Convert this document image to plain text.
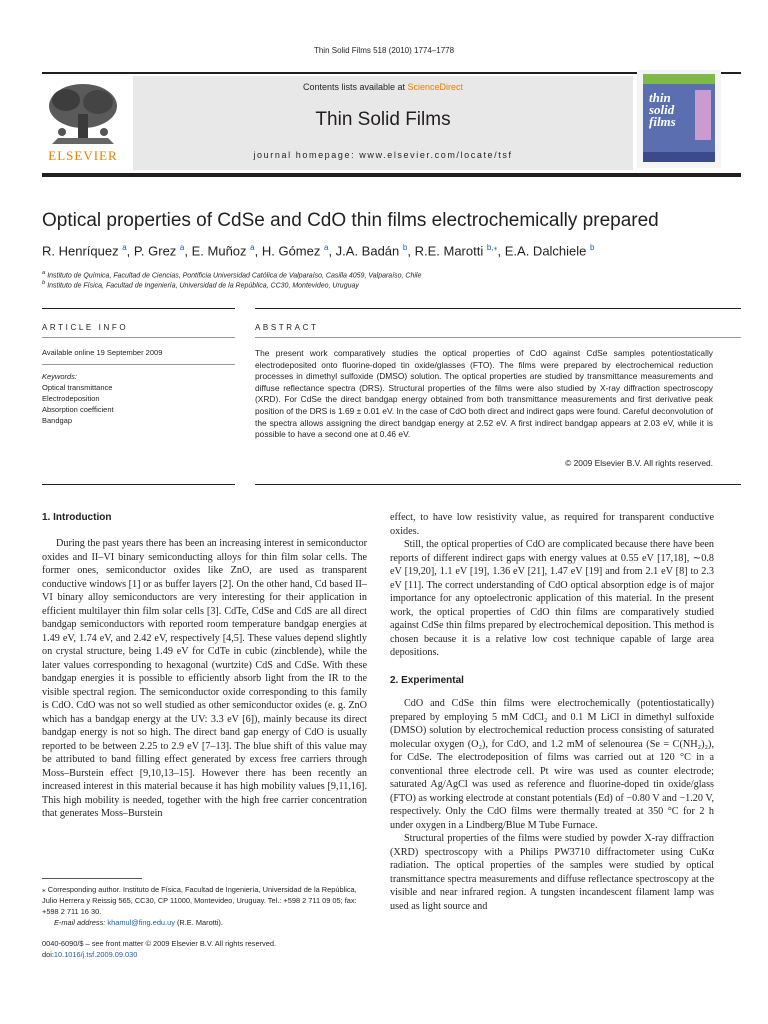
Thin Solid Films 518 (2010) 1774–1778
ELSEVIER
Contents lists available at ScienceDirect
Thin Solid Films
journal homepage: www.elsevier.com/locate/tsf
thin solid films
Optical properties of CdSe and CdO thin films electrochemically prepared
R. Henríquez $^a$, P. Grez $^a$, E. Muñoz $^a$, H. Gómez $^a$, J.A. Badán $^b$, R.E. Marotti $^{b,⁎}$, E.A. Dalchiele $^b$
$^a$ Instituto de Química, Facultad de Ciencias, Pontificia Universidad Católica de Valparaíso, Casilla 4059, Valparaíso, Chile
$^b$ Instituto de Física, Facultad de Ingeniería, Universidad de la República, CC30, Montevideo, Uruguay
ARTICLE INFO
Available online 19 September 2009
Keywords:
Optical transmittance
Electrodeposition
Absorption coefficient
Bandgap
ABSTRACT
The present work comparatively studies the optical properties of CdO against CdSe samples potentiostatically electrodeposited onto fluorine-doped tin oxide/glasses (FTO). The films were prepared by electrochemical reduction processes in dimethyl sulfoxide (DMSO) solution. The optical properties are studied by transmittance measurements and diffuse reflectance spectra (DRS). Structural properties of the films were also studied by X-ray diffraction spectroscopy (XRD). For CdSe the direct bandgap energy obtained from both transmittance measurements and first derivative peak position of the DRS is 1.69 ± 0.01 eV. In the case of CdO both direct and indirect gaps were found. Careful deconvolution of the spectra allows assigning the direct bandgap energy at 2.52 eV. A first indirect bandgap appears at 2.03 eV, while it is possible to have a second one at 0.46 eV.
© 2009 Elsevier B.V. All rights reserved.
1. Introduction

During the past years there has been an increasing interest in semiconductor oxides and II–VI binary semiconducting alloys for thin film solar cells. The former ones, semiconductor oxides like ZnO, are used as transparent conductive windows [1] or as buffer layers [2]. On the other hand, Cd based II–VI binary alloy semiconductors are very interesting for their application in efficient multilayer thin film solar cells [3]. CdTe, CdSe and CdS are all direct bandgap semiconductors with reported room temperature bandgap energies at 1.49 eV, 1.74 eV, and 2.42 eV, respectively [4,5]. These values depend slightly on crystal structure, being 1.49 eV for CdTe in cubic (zincblende), while the later values corresponding to hexagonal (wurtzite) CdS and CdSe. With these bandgap energies it is possible to efficiently absorb light from the IR to the visible spectral region. The semiconductor oxide corresponding to this family is CdO. CdO was not so well studied as other semiconductor oxides (e. g. ZnO which has a bandgap energy at the UV: 3.3 eV [6]), mainly because its direct bandgap energy is not so high. The direct band gap energy of CdO is usually reported to be between 2.25 to 2.9 eV [7–13]. The blue shift of this value may be attributed to band filling effect generated by excess free carriers through Moss–Burstein effect [9,10,13–15]. However there has been recently an increased interest in this material because it has high mobility values [9,11,16]. This high mobility is needed, together with the high free carrier concentration that generates Moss–Burstein

⁎ Corresponding author. Instituto de Física, Facultad de Ingeniería, Universidad de la República, Julio Herrera y Reissig 565, CC30, CP 11000, Montevideo, Uruguay. Tel.: +598 2 711 09 05; fax: +598 2 711 16 30.
E-mail address: khamul@fing.edu.uy (R.E. Marotti).
0040-6090/$ – see front matter © 2009 Elsevier B.V. All rights reserved.
doi:10.1016/j.tsf.2009.09.030

effect, to have low resistivity value, as required for transparent conductive oxides.

Still, the optical properties of CdO are complicated because there have been reports of different indirect gaps with energy values at 0.55 eV [17,18], ∼0.8 eV [19,20], 1.1 eV [19], 1.36 eV [21], 1.47 eV [19] and from 2.1 eV [8] to 2.3 eV [11]. The correct understanding of CdO optical absorption edge is of major importance for any optoelectronic application of this material. In the present work, the optical properties of CdO thin films are comparatively studied against CdSe thin films prepared by electrochemical deposition. This method is chosen because it is a relative low cost technique capable of large area depositions.

2. Experimental

CdO and CdSe thin films were electrochemically (potentiostatically) prepared by employing 5 mM CdCl₂ and 0.1 M LiCl in dimethyl sulfoxide (DMSO) solution by electrochemical reduction process consisting of saturated molecular oxygen (O₂), for CdO, and 1.2 mM of selenourea (Se = C(NH₂)₂), for CdSe. The electrodeposition of films was carried out at 120 °C in a conventional three electrode cell. Pt wire was used as counter electrode; saturated Ag/AgCl was used as reference and fluorine-doped tin oxide/glass (FTO) as working electrode at constant potentials (Ed) of −0.80 V and −1.20 V, respectively. Only the CdO films were thermally treated at 350 °C for 2 h under oxygen in a Lindberg/Blue M Tube Furnace.

Structural properties of the films were studied by powder X-ray diffraction (XRD) spectroscopy with a Philips PW3710 diffractometer using CuKα radiation. The optical properties of the samples were studied by optical transmittance spectra measurements and diffuse reflectance spectroscopy at the visible and near infrared region. A tungsten incandescent filament lamp was used as light source and
